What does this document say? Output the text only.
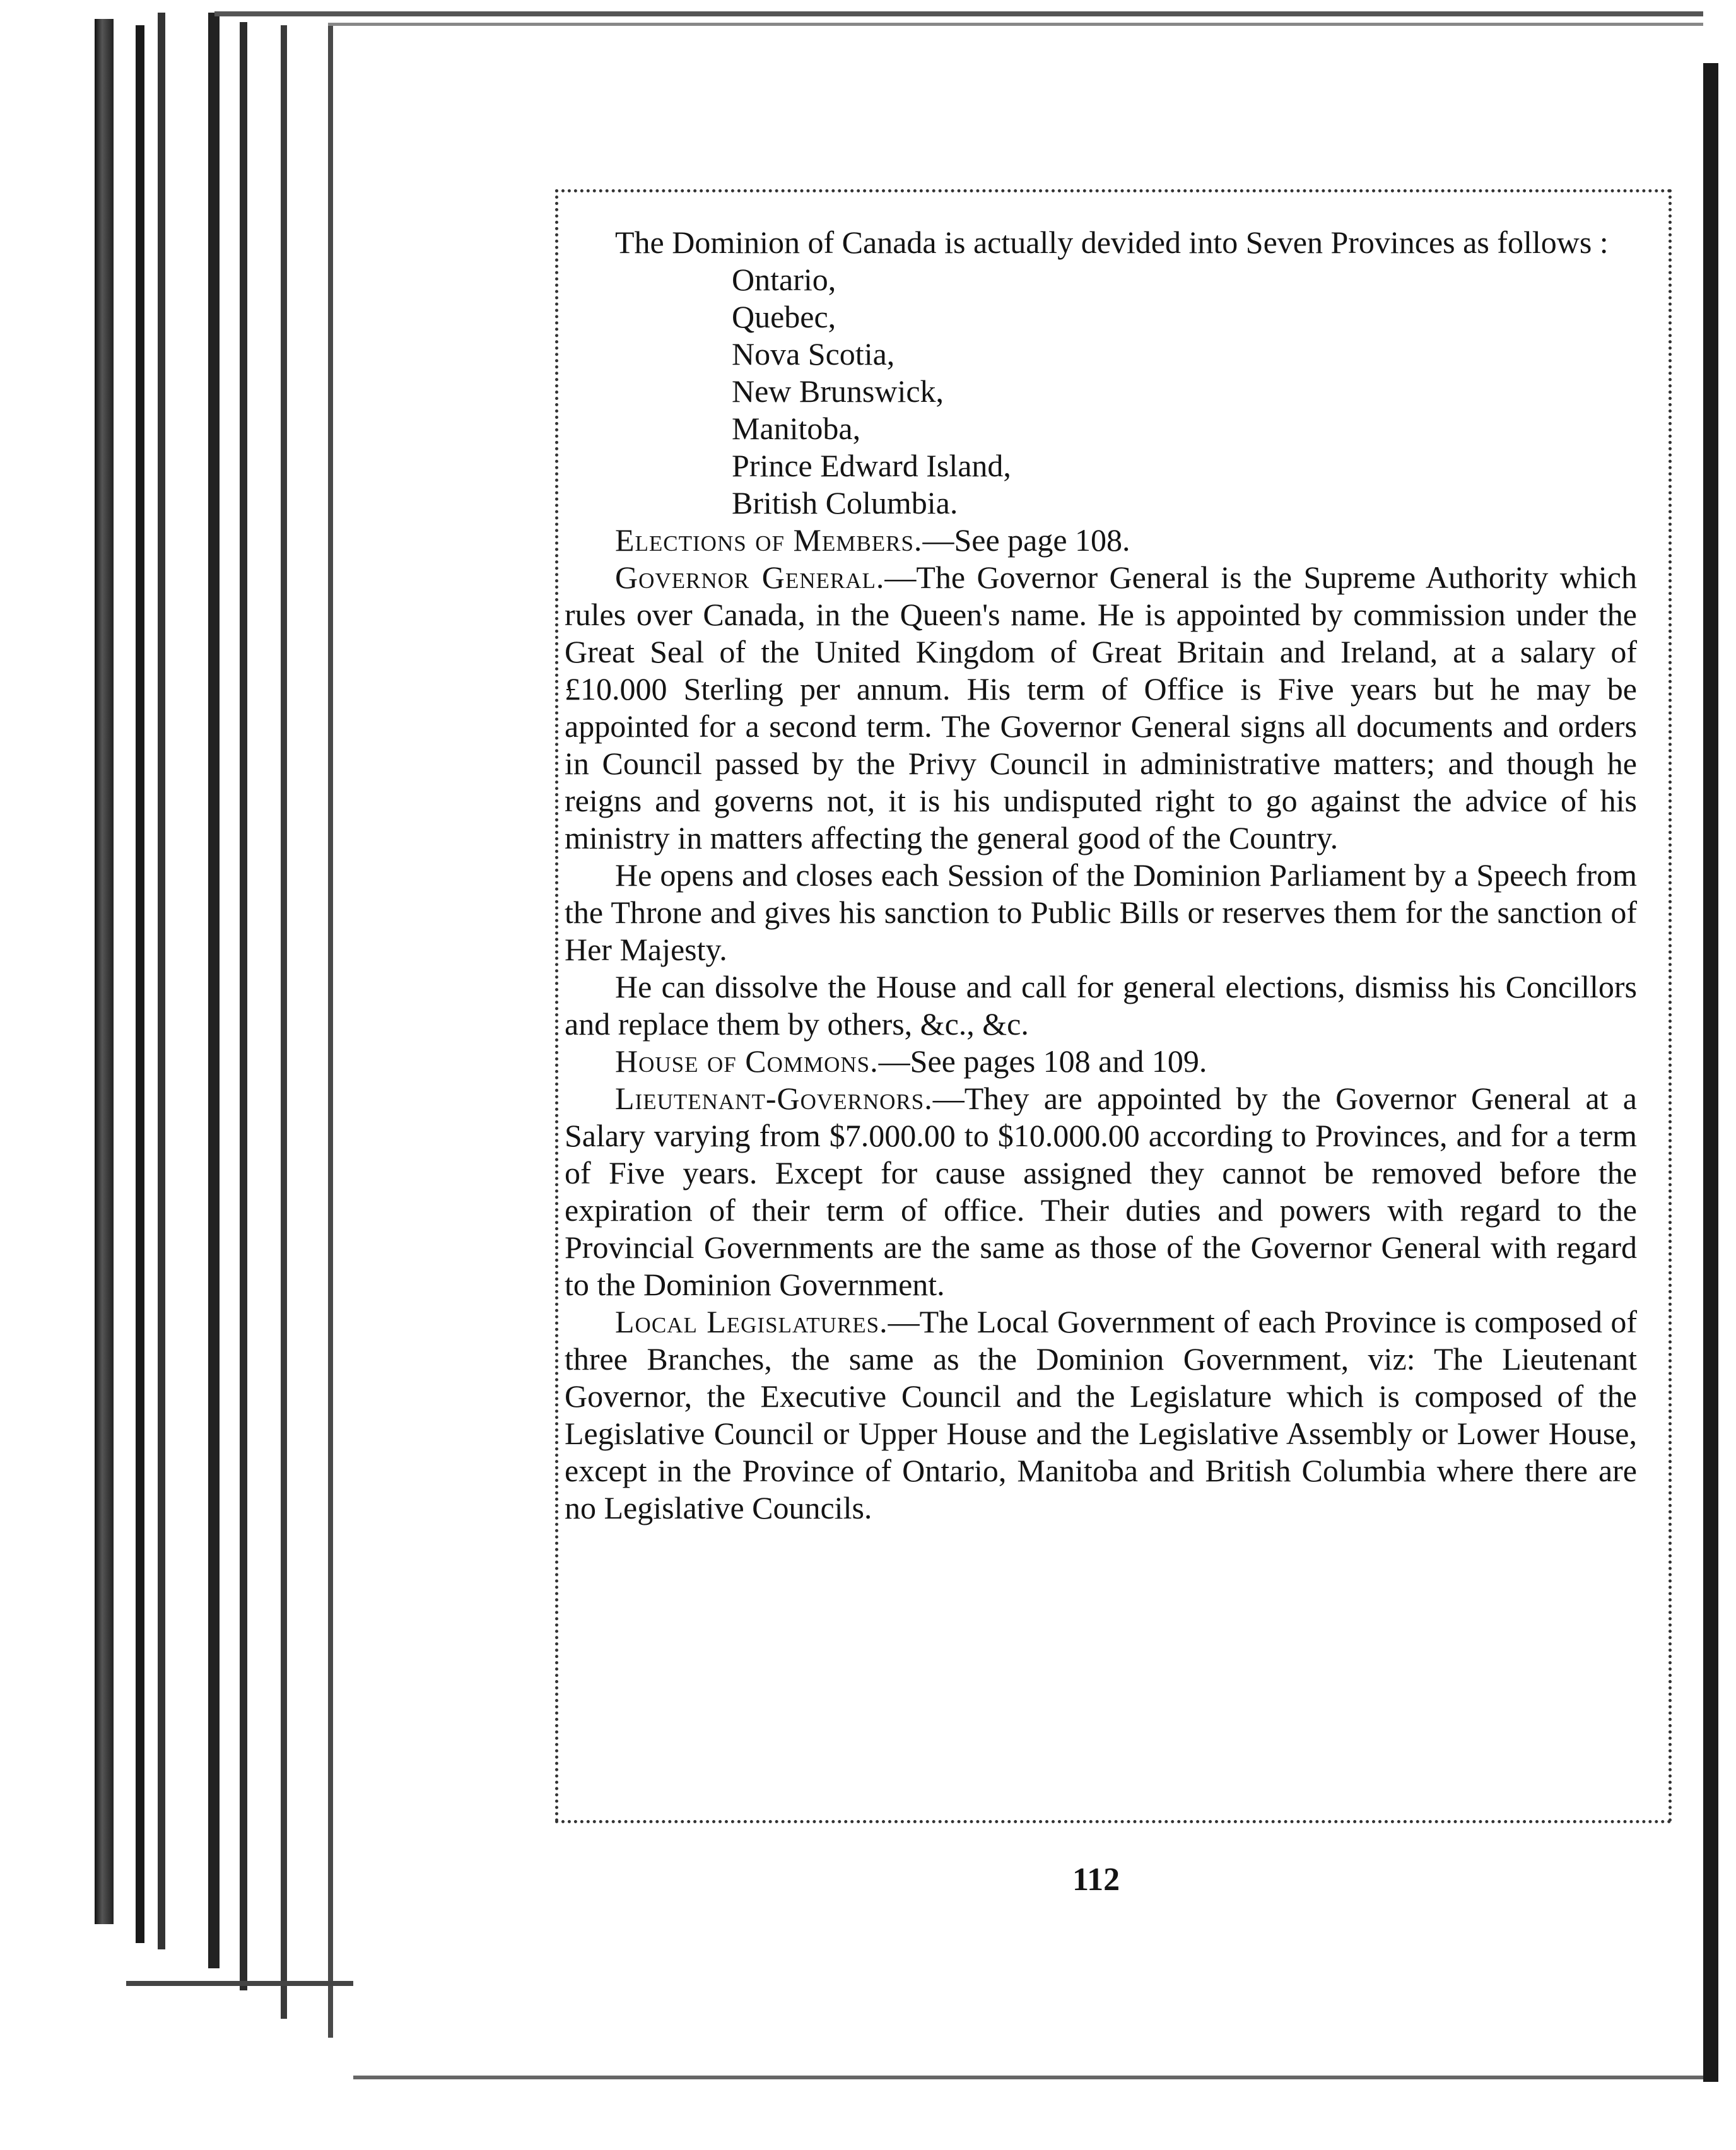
The Dominion of Canada is actually devided into Seven Provinces as follows :

Ontario,
Quebec,
Nova Scotia,
New Brunswick,
Manitoba,
Prince Edward Island,
British Columbia.

Elections of Members.—See page 108.

Governor General.—The Governor General is the Supreme Authority which rules over Canada, in the Queen's name. He is appointed by commission under the Great Seal of the United Kingdom of Great Britain and Ireland, at a salary of £10.000 Sterling per annum. His term of Office is Five years but he may be appointed for a second term. The Governor General signs all documents and orders in Council passed by the Privy Council in administrative matters; and though he reigns and governs not, it is his undisputed right to go against the advice of his ministry in matters affecting the general good of the Country.

He opens and closes each Session of the Dominion Parliament by a Speech from the Throne and gives his sanction to Public Bills or reserves them for the sanction of Her Majesty.

He can dissolve the House and call for general elections, dismiss his Concillors and replace them by others, &c., &c.

House of Commons.—See pages 108 and 109.

Lieutenant-Governors.—They are appointed by the Governor General at a Salary varying from $7.000.00 to $10.000.00 according to Provinces, and for a term of Five years. Except for cause assigned they cannot be removed before the expiration of their term of office. Their duties and powers with regard to the Provincial Governments are the same as those of the Governor General with regard to the Dominion Government.

Local Legislatures.—The Local Government of each Province is composed of three Branches, the same as the Dominion Government, viz: The Lieutenant Governor, the Executive Council and the Legislature which is composed of the Legislative Council or Upper House and the Legislative Assembly or Lower House, except in the Province of Ontario, Manitoba and British Columbia where there are no Legislative Councils.

112
